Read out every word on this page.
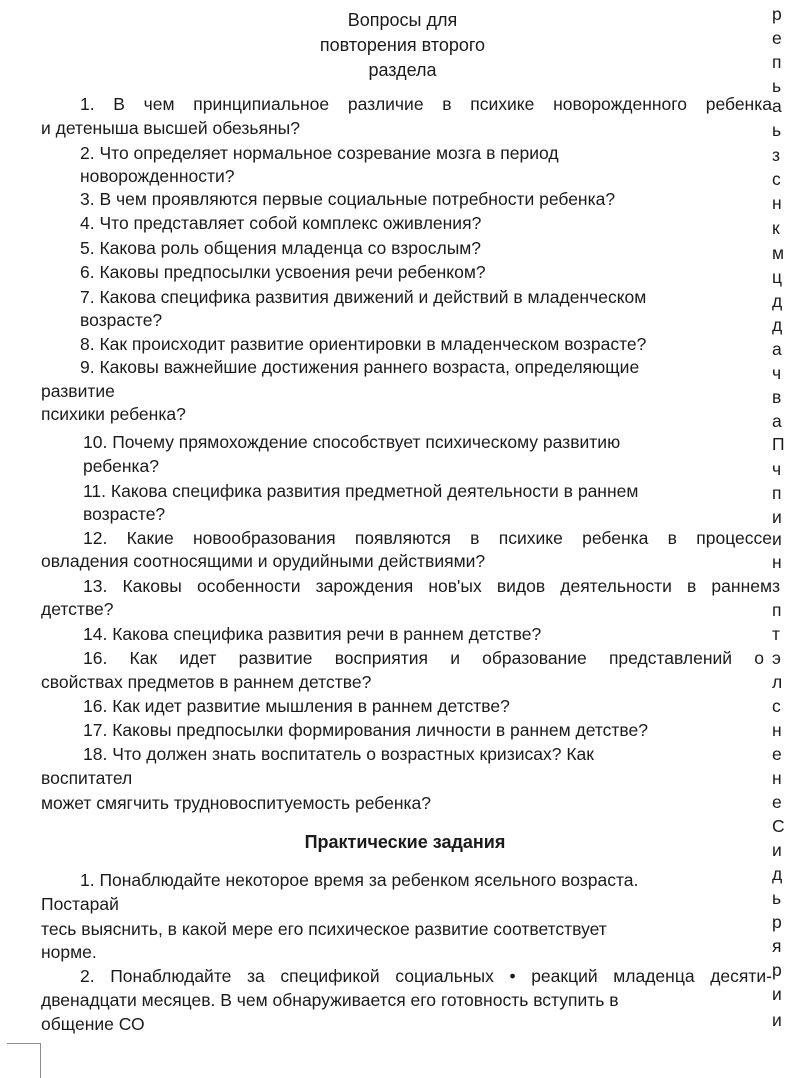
Вопросы для
повторения второго
раздела
1. В чем принципиальное различие в психике новорожденного ребенка
и детеныша высшей обезьяны?
2. Что определяет нормальное созревание мозга в период
новорожденности?
3. В чем проявляются первые социальные потребности ребенка?
4. Что представляет собой комплекс оживления?
5. Какова роль общения младенца со взрослым?
6. Каковы предпосылки усвоения речи ребенком?
7. Какова специфика развития движений и действий в младенческом
возрасте?
8. Как происходит развитие ориентировки в младенческом возрасте?
9. Каковы важнейшие достижения раннего возраста, определяющие
развитие
психики ребенка?
10. Почему прямохождение способствует психическому развитию
ребенка?
11. Какова специфика развития предметной деятельности в раннем
возрасте?
12. Какие новообразования появляются в психике ребенка в процессе
овладения соотносящими и орудийными действиями?
13. Каковы особенности зарождения нов'ых видов деятельности в раннем
детстве?
14. Какова специфика развития речи в раннем детстве?
16. Как идет развитие восприятия и образование представлений о
свойствах предметов в раннем детстве?
16. Как идет развитие мышления в раннем детстве?
17. Каковы предпосылки формирования личности в раннем детстве?
18. Что должен знать воспитатель о возрастных кризисах? Как
воспитател
может смягчить трудновоспитуемость ребенка?
Практические задания
1. Понаблюдайте некоторое время за ребенком ясельного возраста.
Постарай
тесь выяснить, в какой мере его психическое развитие соответствует
норме.
2. Понаблюдайте за спецификой социальных • реакций младенца десяти-
двенадцати месяцев. В чем обнаруживается его готовность вступить в
общение СО
р
е
п
ь
а
ь
з
с
н
к
м
ц
д
д
а
ч
в
а
П
ч
п
и
и
н
з
п
т
э
л
с
н
е
н
е
С
и
д
ь
р
я
р
и
и
